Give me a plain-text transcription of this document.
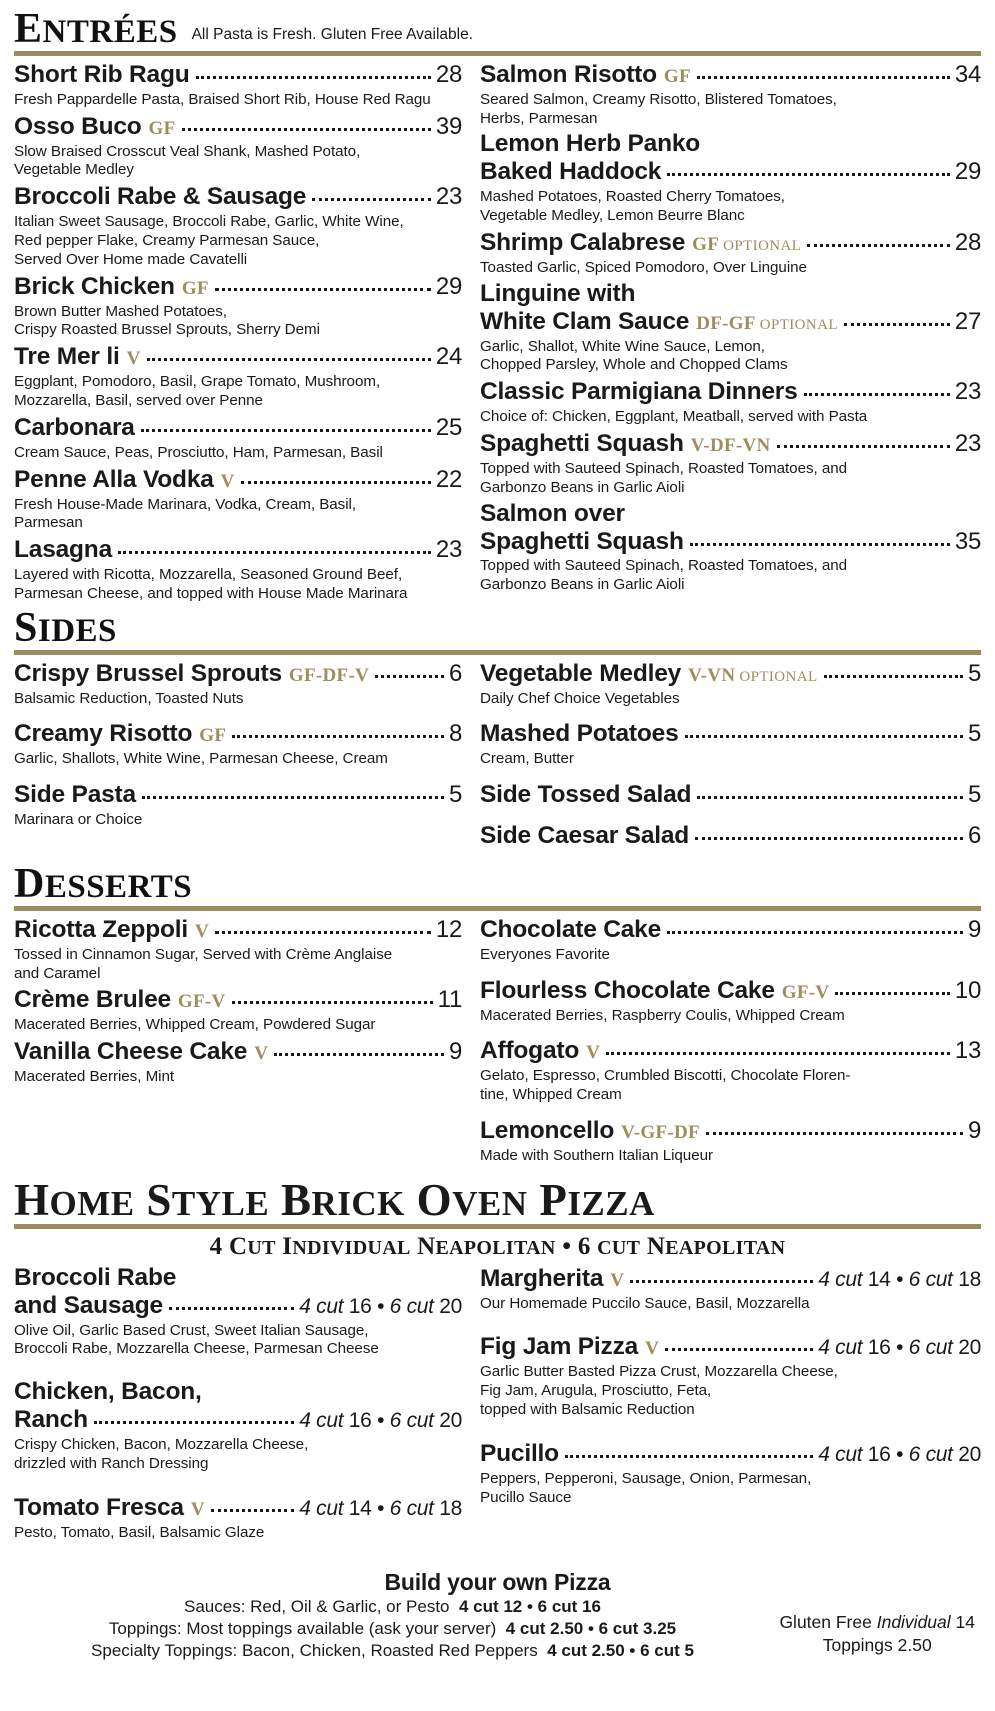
ENTRÉES All Pasta is Fresh. Gluten Free Available.
Short Rib Ragu	28
Fresh Pappardelle Pasta, Braised Short Rib, House Red Ragu
Osso Buco GF	39
Slow Braised Crosscut Veal Shank, Mashed Potato,
Vegetable Medley
Broccoli Rabe & Sausage	23
Italian Sweet Sausage, Broccoli Rabe, Garlic, White Wine,
Red pepper Flake, Creamy Parmesan Sauce,
Served Over Home made Cavatelli
Brick Chicken GF	29
Brown Butter Mashed Potatoes,
Crispy Roasted Brussel Sprouts, Sherry Demi
Tre Mer li V	24
Eggplant, Pomodoro, Basil, Grape Tomato, Mushroom,
Mozzarella, Basil, served over Penne
Carbonara	25
Cream Sauce, Peas, Prosciutto, Ham, Parmesan, Basil
Penne Alla Vodka V	22
Fresh House-Made Marinara, Vodka, Cream, Basil,
Parmesan
Lasagna	23
Layered with Ricotta, Mozzarella, Seasoned Ground Beef,
Parmesan Cheese, and topped with House Made Marinara
Salmon Risotto GF	34
Seared Salmon, Creamy Risotto, Blistered Tomatoes,
Herbs, Parmesan
Lemon Herb Panko
Baked Haddock	29
Mashed Potatoes, Roasted Cherry Tomatoes,
Vegetable Medley, Lemon Beurre Blanc
Shrimp Calabrese GF OPTIONAL	28
Toasted Garlic, Spiced Pomodoro, Over Linguine
Linguine with
White Clam Sauce DF-GF OPTIONAL	27
Garlic, Shallot, White Wine Sauce, Lemon,
Chopped Parsley, Whole and Chopped Clams
Classic Parmigiana Dinners	23
Choice of: Chicken, Eggplant, Meatball, served with Pasta
Spaghetti Squash V-DF-VN	23
Topped with Sauteed Spinach, Roasted Tomatoes, and
Garbonzo Beans in Garlic Aioli
Salmon over
Spaghetti Squash	35
Topped with Sauteed Spinach, Roasted Tomatoes, and
Garbonzo Beans in Garlic Aioli
SIDES
Crispy Brussel Sprouts GF-DF-V	6
Balsamic Reduction, Toasted Nuts
Creamy Risotto GF	8
Garlic, Shallots, White Wine, Parmesan Cheese, Cream
Side Pasta	5
Marinara or Choice
Vegetable Medley V-VN OPTIONAL	5
Daily Chef Choice Vegetables
Mashed Potatoes	5
Cream, Butter
Side Tossed Salad	5
Side Caesar Salad	6
DESSERTS
Ricotta Zeppoli V	12
Tossed in Cinnamon Sugar, Served with Crème Anglaise
and Caramel
Crème Brulee GF-V	11
Macerated Berries, Whipped Cream, Powdered Sugar
Vanilla Cheese Cake V	9
Macerated Berries, Mint
Chocolate Cake	9
Everyones Favorite
Flourless Chocolate Cake GF-V	10
Macerated Berries, Raspberry Coulis, Whipped Cream
Affogato V	13
Gelato, Espresso, Crumbled Biscotti, Chocolate Floren-
tine, Whipped Cream
Lemoncello V-GF-DF	9
Made with Southern Italian Liqueur
HOME STYLE BRICK OVEN PIZZA
4 CUT INDIVIDUAL NEAPOLITAN • 6 CUT NEAPOLITAN
Broccoli Rabe
and Sausage	4 cut 16 • 6 cut 20
Olive Oil, Garlic Based Crust, Sweet Italian Sausage,
Broccoli Rabe, Mozzarella Cheese, Parmesan Cheese
Chicken, Bacon,
Ranch	4 cut 16 • 6 cut 20
Crispy Chicken, Bacon, Mozzarella Cheese,
drizzled with Ranch Dressing
Tomato Fresca V	4 cut 14 • 6 cut 18
Pesto, Tomato, Basil, Balsamic Glaze
Margherita V	4 cut 14 • 6 cut 18
Our Homemade Puccilo Sauce, Basil, Mozzarella
Fig Jam Pizza V	4 cut 16 • 6 cut 20
Garlic Butter Basted Pizza Crust, Mozzarella Cheese,
Fig Jam, Arugula, Prosciutto, Feta,
topped with Balsamic Reduction
Pucillo	4 cut 16 • 6 cut 20
Peppers, Pepperoni, Sausage, Onion, Parmesan,
Pucillo Sauce
Build your own Pizza
Sauces: Red, Oil & Garlic, or Pesto 4 cut 12 • 6 cut 16
Toppings: Most toppings available (ask your server) 4 cut 2.50 • 6 cut 3.25
Specialty Toppings: Bacon, Chicken, Roasted Red Peppers 4 cut 2.50 • 6 cut 5
Gluten Free Individual 14
Toppings 2.50
